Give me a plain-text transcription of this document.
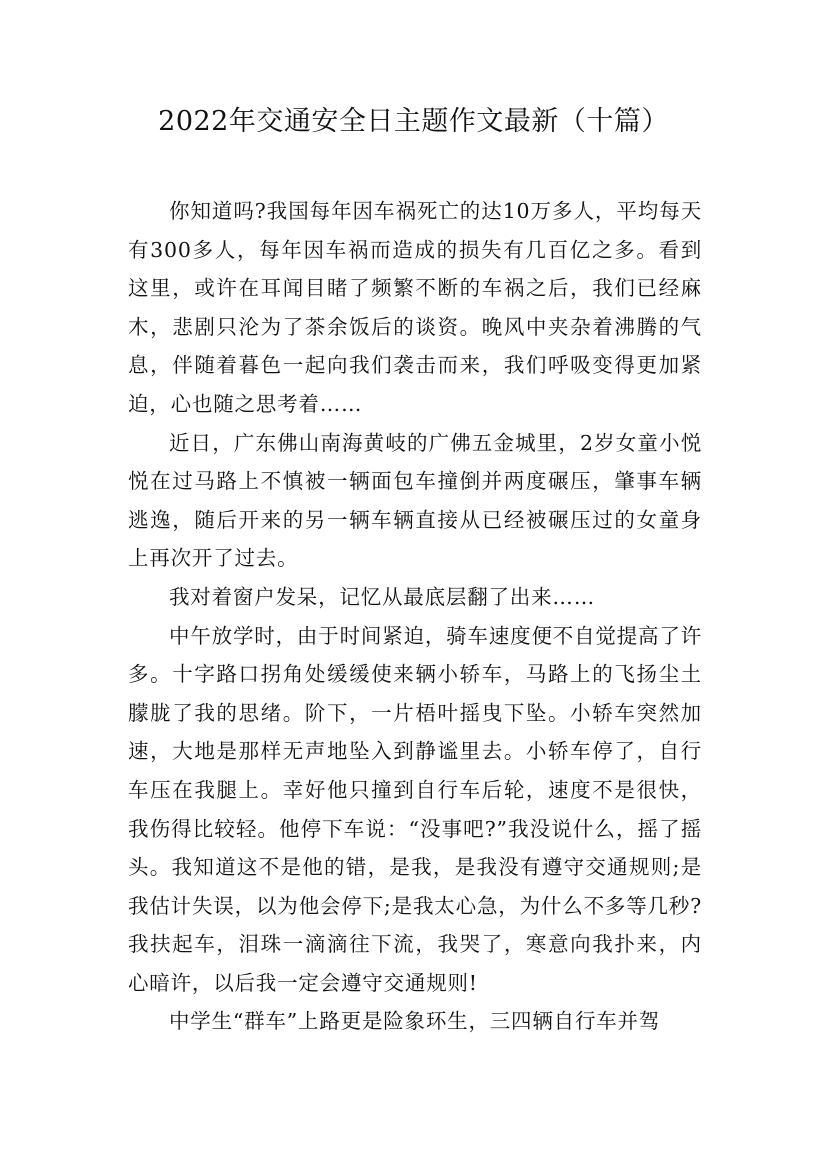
2022年交通安全日主题作文最新（十篇）

你知道吗?我国每年因车祸死亡的达10万多人，平均每天有300多人，每年因车祸而造成的损失有几百亿之多。看到这里，或许在耳闻目睹了频繁不断的车祸之后，我们已经麻木，悲剧只沦为了茶余饭后的谈资。晚风中夹杂着沸腾的气息，伴随着暮色一起向我们袭击而来，我们呼吸变得更加紧迫，心也随之思考着……

近日，广东佛山南海黄岐的广佛五金城里，2岁女童小悦悦在过马路上不慎被一辆面包车撞倒并两度碾压，肇事车辆逃逸，随后开来的另一辆车辆直接从已经被碾压过的女童身上再次开了过去。

我对着窗户发呆，记忆从最底层翻了出来……

中午放学时，由于时间紧迫，骑车速度便不自觉提高了许多。十字路口拐角处缓缓使来辆小轿车，马路上的飞扬尘土朦胧了我的思绪。阶下，一片梧叶摇曳下坠。小轿车突然加速，大地是那样无声地坠入到静谧里去。小轿车停了，自行车压在我腿上。幸好他只撞到自行车后轮，速度不是很快，我伤得比较轻。他停下车说：“没事吧?”我没说什么，摇了摇头。我知道这不是他的错，是我，是我没有遵守交通规则;是我估计失误，以为他会停下;是我太心急，为什么不多等几秒?我扶起车，泪珠一滴滴往下流，我哭了，寒意向我扑来，内心暗许，以后我一定会遵守交通规则!

中学生“群车”上路更是险象环生，三四辆自行车并驾
